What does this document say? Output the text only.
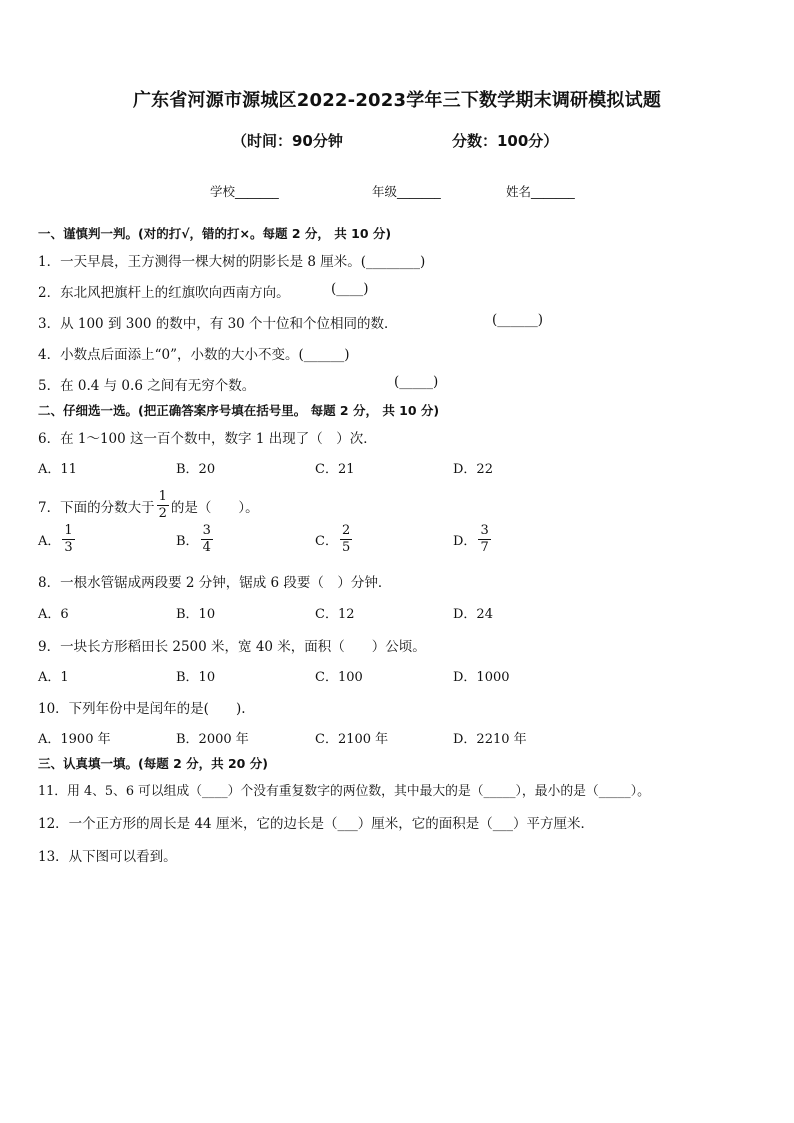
广东省河源市源城区2022-2023学年三下数学期末调研模拟试题
（时间：90分钟	分数：100分）
学校_______	年级_______	姓名_______
一、谨慎判一判。(对的打√，错的打×。每题 2 分， 共 10 分)
1．一天早晨，王方测得一棵大树的阴影长是 8 厘米。(________)
2．东北风把旗杆上的红旗吹向西南方向。	(____)
3．从 100 到 300 的数中，有 30 个十位和个位相同的数．	(______)
4．小数点后面添上“0”，小数的大小不变。(______)
5．在 0.4 与 0.6 之间有无穷个数。	(_____)
二、仔细选一选。(把正确答案序号填在括号里。 每题 2 分， 共 10 分)
6．在 1～100 这一百个数中，数字 1 出现了（　）次．
A．11	B．20	C．21	D．22
7．下面的分数大于 $\frac{1}{2}$ 的是（　　）。
A． $\frac{1}{3}$	B． $\frac{3}{4}$	C． $\frac{2}{5}$	D． $\frac{3}{7}$
8．一根水管锯成两段要 2 分钟，锯成 6 段要（　）分钟．
A．6	B．10	C．12	D．24
9．一块长方形稻田长 2500 米，宽 40 米，面积（　　）公顷。
A．1	B．10	C．100	D．1000
10．下列年份中是闰年的是(　　).
A．1900 年	B．2000 年	C．2100 年	D．2210 年
三、认真填一填。(每题 2 分，共 20 分)
11．用 4、5、6 可以组成（____）个没有重复数字的两位数，其中最大的是（_____），最小的是（_____）。
12．一个正方形的周长是 44 厘米，它的边长是（___）厘米，它的面积是（___）平方厘米．
13．从下图可以看到。
